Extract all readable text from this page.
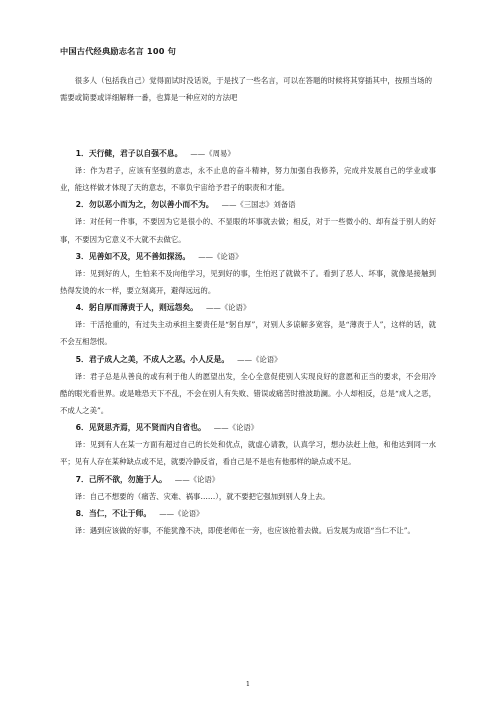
中国古代经典励志名言 100 句
很多人（包括我自己）觉得面试时没话说，于是找了一些名言，可以在答题的时候将其穿插其中，按照当场的需要或简要或详细解释一番，也算是一种应对的方法吧
1．天行健，君子以自强不息。 ——《周易》
译：作为君子，应该有坚强的意志，永不止息的奋斗精神，努力加强自我修养，完成并发展自己的学业或事业，能这样做才体现了天的意志，不辜负宇宙给予君子的职责和才能。
2．勿以恶小而为之，勿以善小而不为。 ——《三国志》刘备语
译：对任何一件事，不要因为它是很小的、不显眼的坏事就去做；相反，对于一些微小的、却有益于别人的好事，不要因为它意义不大就不去做它。
3．见善如不及，见不善如探汤。 ——《论语》
译：见到好的人，生怕来不及向他学习，见到好的事，生怕迟了就做不了。看到了恶人、坏事，就像是接触到热得发烫的水一样，要立刻离开，避得远远的。
4．躬自厚而薄责于人，则远怨矣。 ——《论语》
译：干活抢重的，有过失主动承担主要责任是“躬自厚”，对别人多谅解多宽容，是“薄责于人”，这样的话，就不会互相怨恨。
5．君子成人之美，不成人之恶。小人反是。 ——《论语》
译：君子总是从善良的或有利于他人的愿望出发，全心全意促使别人实现良好的意愿和正当的要求，不会用冷酷的眼光看世界。或是唯恐天下不乱，不会在别人有失败、错误或痛苦时推波助澜。小人却相反，总是“成人之恶，不成人之美”。
6．见贤思齐焉，见不贤而内自省也。 ——《论语》
译：见到有人在某一方面有超过自己的长处和优点，就虚心请教，认真学习，想办法赶上他，和他达到同一水平；见有人存在某种缺点或不足，就要冷静反省，看自己是不是也有他那样的缺点或不足。
7．己所不欲，勿施于人。 ——《论语》
译：自己不想要的（痛苦、灾难、祸事……），就不要把它强加到别人身上去。
8．当仁，不让于师。 ——《论语》
译：遇到应该做的好事，不能犹豫不决，即使老师在一旁，也应该抢着去做。后发展为成语“当仁不让”。
1
